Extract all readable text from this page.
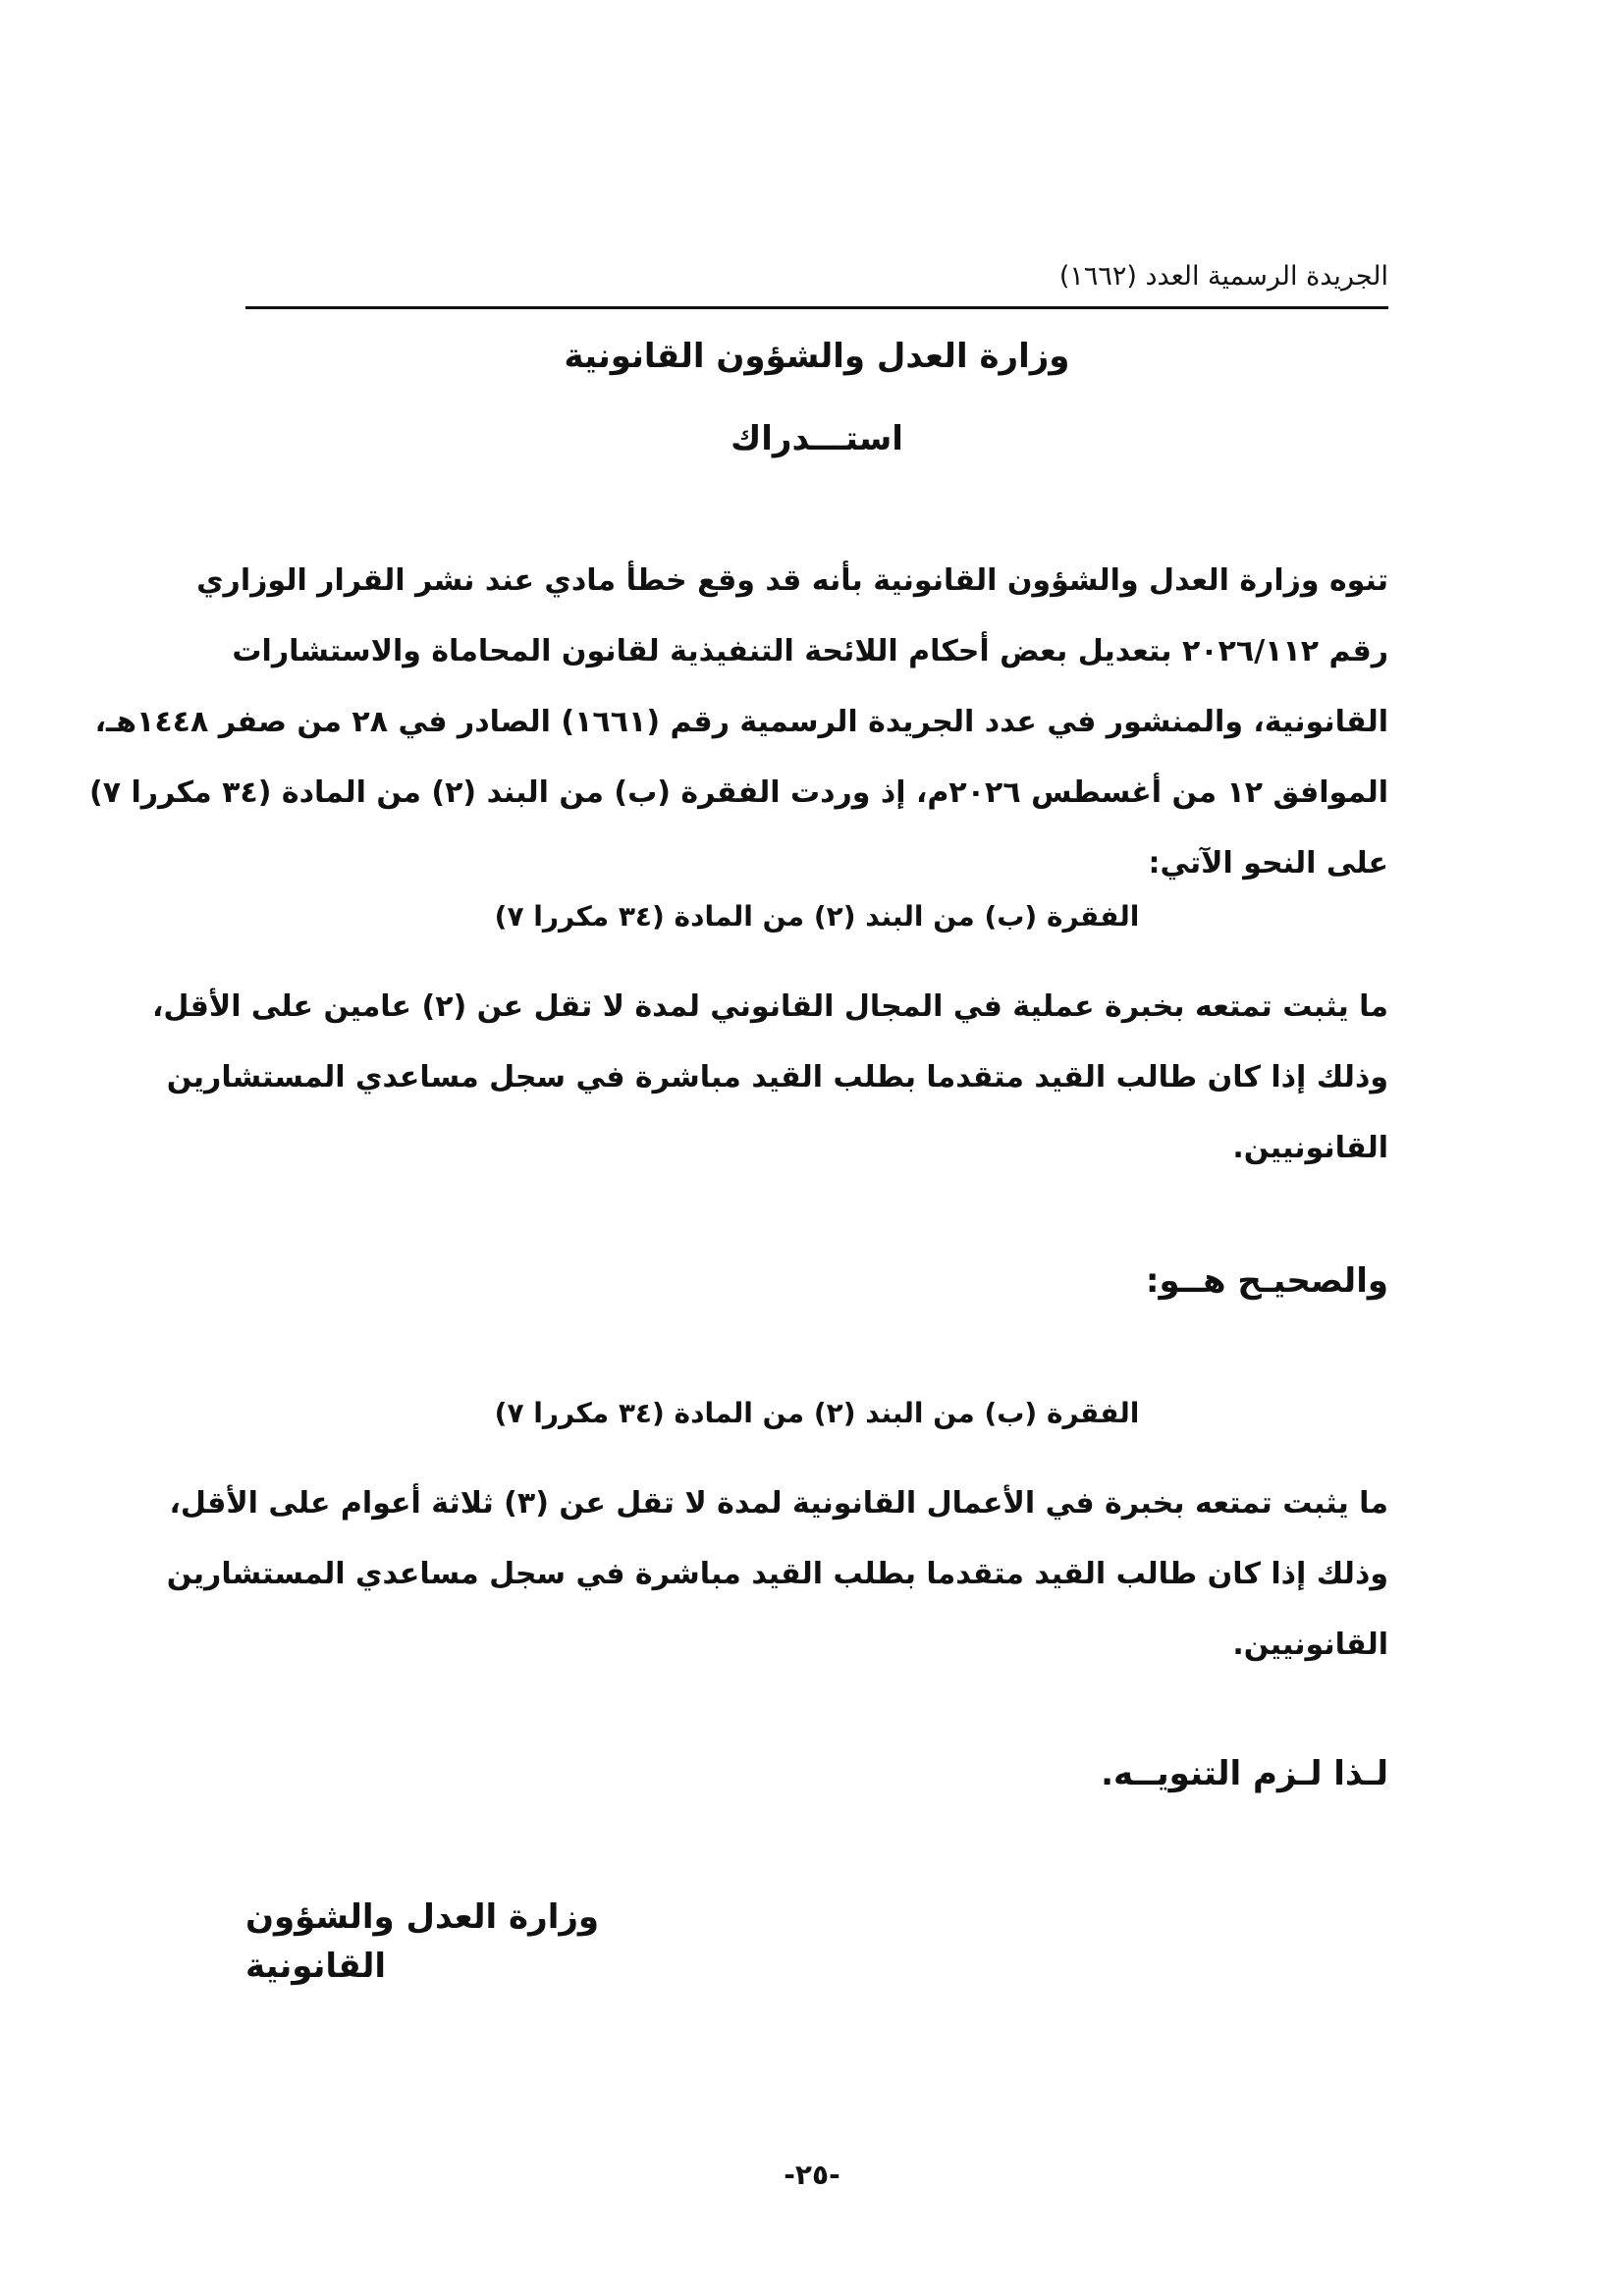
الجريدة الرسمية العدد (١٦٦٢)
وزارة العدل والشؤون القانونية
استـــدراك
تنوه وزارة العدل والشؤون القانونية بأنه قد وقع خطأ مادي عند نشر القرار الوزاري
رقم ٢٠٢٦/١١٢ بتعديل بعض أحكام اللائحة التنفيذية لقانون المحاماة والاستشارات
القانونية، والمنشور في عدد الجريدة الرسمية رقم (١٦٦١) الصادر في ٢٨ من صفر ١٤٤٨هـ،
الموافق ١٢ من أغسطس ٢٠٢٦م، إذ وردت الفقرة (ب) من البند (٢) من المادة (٣٤ مكررا ٧)
على النحو الآتي:
الفقرة (ب) من البند (٢) من المادة (٣٤ مكررا ٧)
ما يثبت تمتعه بخبرة عملية في المجال القانوني لمدة لا تقل عن (٢) عامين على الأقل،
وذلك إذا كان طالب القيد متقدما بطلب القيد مباشرة في سجل مساعدي المستشارين
القانونيين.
والصحيـح هــو:
الفقرة (ب) من البند (٢) من المادة (٣٤ مكررا ٧)
ما يثبت تمتعه بخبرة في الأعمال القانونية لمدة لا تقل عن (٣) ثلاثة أعوام على الأقل،
وذلك إذا كان طالب القيد متقدما بطلب القيد مباشرة في سجل مساعدي المستشارين
القانونيين.
لـذا لـزم التنويــه.
وزارة العدل والشؤون القانونية
-٢٥-
